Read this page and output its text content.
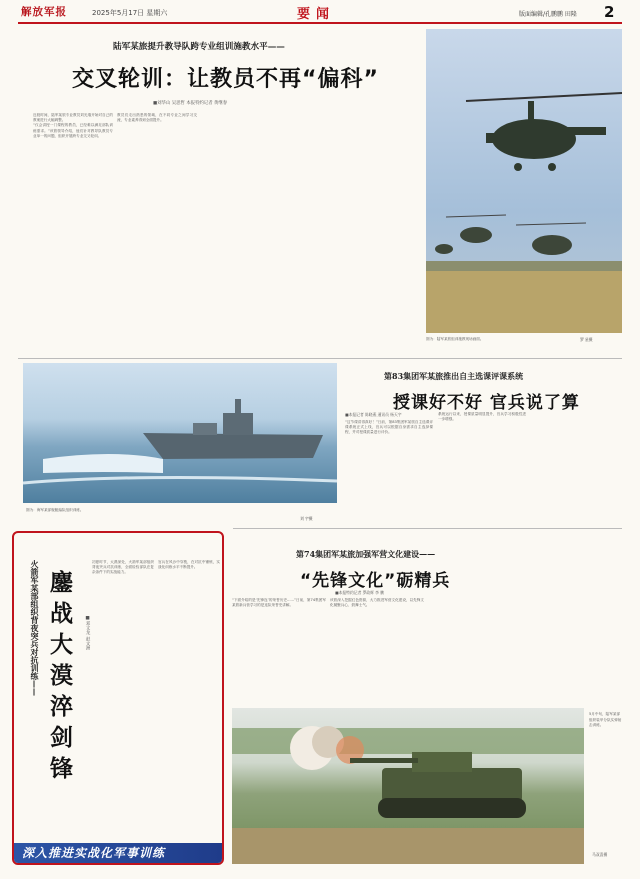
解放军报	2025年5月17日 星期六	要闻	版面编辑/孔鹏鹏 田隆 2
陆军某旅提升教导队跨专业组训施教水平——
交叉轮训：让教员不再“偏科”
■刘华山 吴思哲 本报特约记者 黄继春
近段时间，陆军某旅专业教员刘光瑞开始对自己的教案进行大幅调整。
“仅会讲授一门课程的教员，已经难以满足部队训练需求。”该旅领导介绍，他们针对教导队教员专业单一的问题，组织开展跨专业交叉轮训。
教员们走出熟悉的领域，在不同专业之间学习交流，专业素养得到全面提升。
图为：陆军某旅组训施教现场画面。	罗 星摄
图为：海军某部舰艇编队组织训练。
刘 宇摄
第83集团军某旅推出自主选课评课系统
授课好不好 官兵说了算
■本报记者 陈晓燕 通讯员 杨天宇
“这节课讲得真好！”日前，第83集团军某旅自主选课评课系统正式上线，官兵可以根据自身需求自主选择课程，并对授课质量进行评价。
系统运行以来，授课质量明显提升，官兵学习积极性进一步增强。
火箭军某部组织背夜突兵对抗训练—— 鏖战大漠淬剑锋	■邓文龙 赵文洲
初夏时节，大漠深处，火箭军某部组织背夜突兵对抗训练，全面检验部队在复杂条件下的实战能力。
官兵在风沙中穿梭，在对抗中锤炼，实战化训练水平不断提升。
深入推进实战化军事训练
第74集团军某旅加强军营文化建设——
“先锋文化”砺精兵
■本报特约记者 罗政辉 李 鹏
“下面介绍的是‘先锋连’的荣誉历史……”日前，第74集团军某旅新兵营学习的是连队荣誉史讲解。
该旅深入挖掘红色资源，大力推进军营文化建设，以先锋文化凝聚兵心、鼓舞士气。
5月中旬，陆军某部组织装甲分队实弹射击训练。
马双喜摄
